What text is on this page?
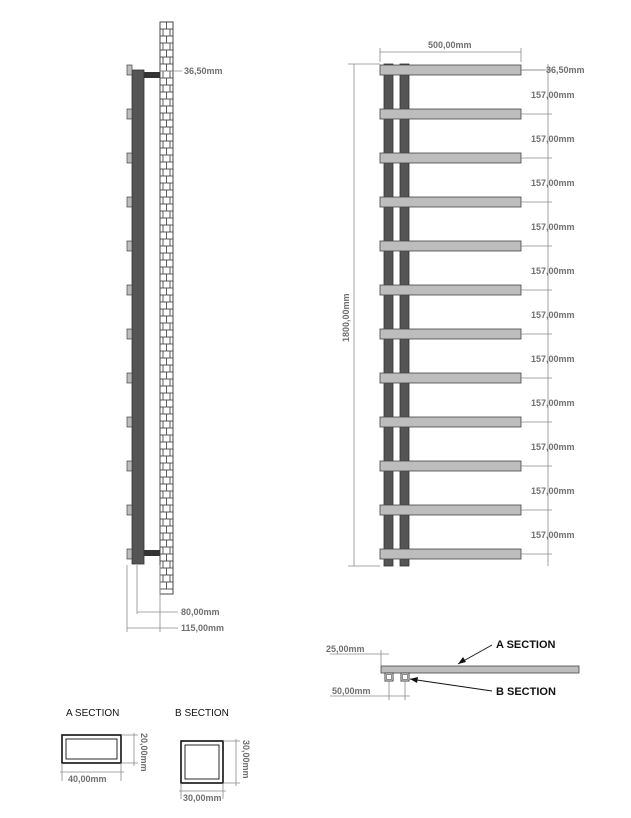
36,50mm
80,00mm
115,00mm
157,00mm
157,00mm
157,00mm
157,00mm
157,00mm
157,00mm
157,00mm
157,00mm
157,00mm
157,00mm
157,00mm
500,00mm
1800,00mm
36,50mm
25,00mm
50,00mm
A SECTION
B SECTION
A SECTION
40,00mm
20,00mm
B SECTION
30,00mm
30,00mm
